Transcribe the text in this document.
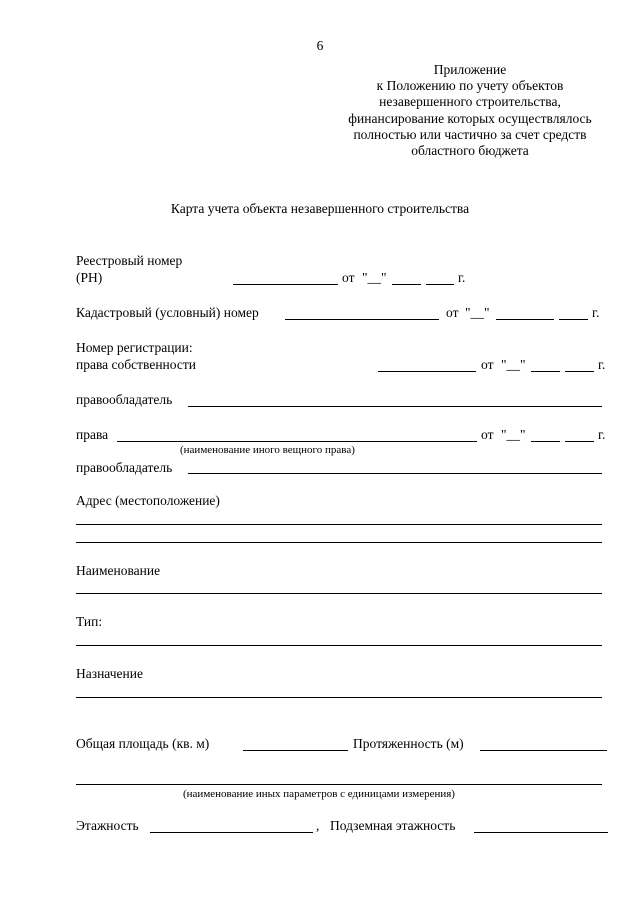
6
Приложение
к Положению по учету объектов
незавершенного строительства,
финансирование которых осуществлялось
полностью или частично за счет средств
областного бюджета
Карта учета объекта незавершенного строительства
Реестровый номер
(РН)	от "__"	г.
Кадастровый (условный) номер	от "__"	г.
Номер регистрации:
права собственности	от "__"	г.
правообладатель
права	от "__"	г.
(наименование иного вещного права)
правообладатель
Адрес (местоположение)
Наименование
Тип:
Назначение
Общая площадь (кв. м)	Протяженность (м)
(наименование иных параметров с единицами измерения)
Этажность	, Подземная этажность
